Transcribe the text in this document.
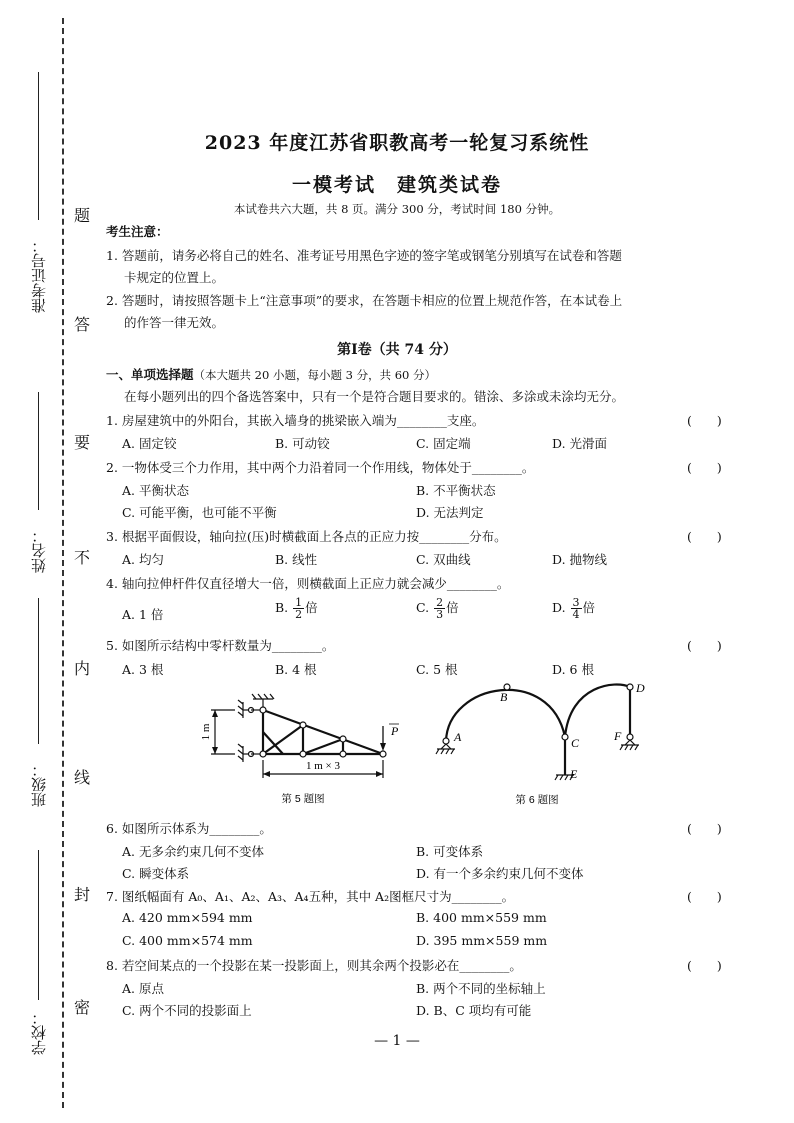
准考证号：
姓名：
班级：
学校：
题
答
要
不
内
线
封
密
2023 年度江苏省职教高考一轮复习系统性
一模考试　建筑类试卷
本试卷共六大题，共 8 页。满分 300 分，考试时间 180 分钟。
考生注意：
1. 答题前，请务必将自己的姓名、准考证号用黑色字迹的签字笔或钢笔分别填写在试卷和答题
卡规定的位置上。
2. 答题时，请按照答题卡上“注意事项”的要求，在答题卡相应的位置上规范作答，在本试卷上
的作答一律无效。
第Ⅰ卷（共 74 分）
一、单项选择题（本大题共 20 小题，每小题 3 分，共 60 分）
在每小题列出的四个备选答案中，只有一个是符合题目要求的。错涂、多涂或未涂均无分。
1. 房屋建筑中的外阳台，其嵌入墙身的挑梁嵌入端为________支座。	(　　)
A. 固定铰	B. 可动铰	C. 固定端	D. 光滑面
2. 一物体受三个力作用，其中两个力沿着同一个作用线，物体处于________。	(　　)
A. 平衡状态	B. 不平衡状态
C. 可能平衡，也可能不平衡	D. 无法判定
3. 根据平面假设，轴向拉(压)时横截面上各点的正应力按________分布。	(　　)
A. 均匀	B. 线性	C. 双曲线	D. 抛物线
4. 轴向拉伸杆件仅直径增大一倍，则横截面上正应力就会减少________。
A. 1 倍	B. $\frac{1}{2}$ 倍	C. $\frac{2}{3}$ 倍	D. $\frac{3}{4}$ 倍
5. 如图所示结构中零杆数量为________。	(　　)
A. 3 根	B. 4 根	C. 5 根	D. 6 根
P
1 m
1 m × 3
第 5 题图
A
B
C
D
E
F
第 6 题图
6. 如图所示体系为________。	(　　)
A. 无多余约束几何不变体	B. 可变体系
C. 瞬变体系	D. 有一个多余约束几何不变体
7. 图纸幅面有 A₀、A₁、A₂、A₃、A₄五种，其中 A₂图框尺寸为________。	(　　)
A. 420 mm×594 mm	B. 400 mm×559 mm
C. 400 mm×574 mm	D. 395 mm×559 mm
8. 若空间某点的一个投影在某一投影面上，则其余两个投影必在________。	(　　)
A. 原点	B. 两个不同的坐标轴上
C. 两个不同的投影面上	D. B、C 项均有可能
— 1 —
